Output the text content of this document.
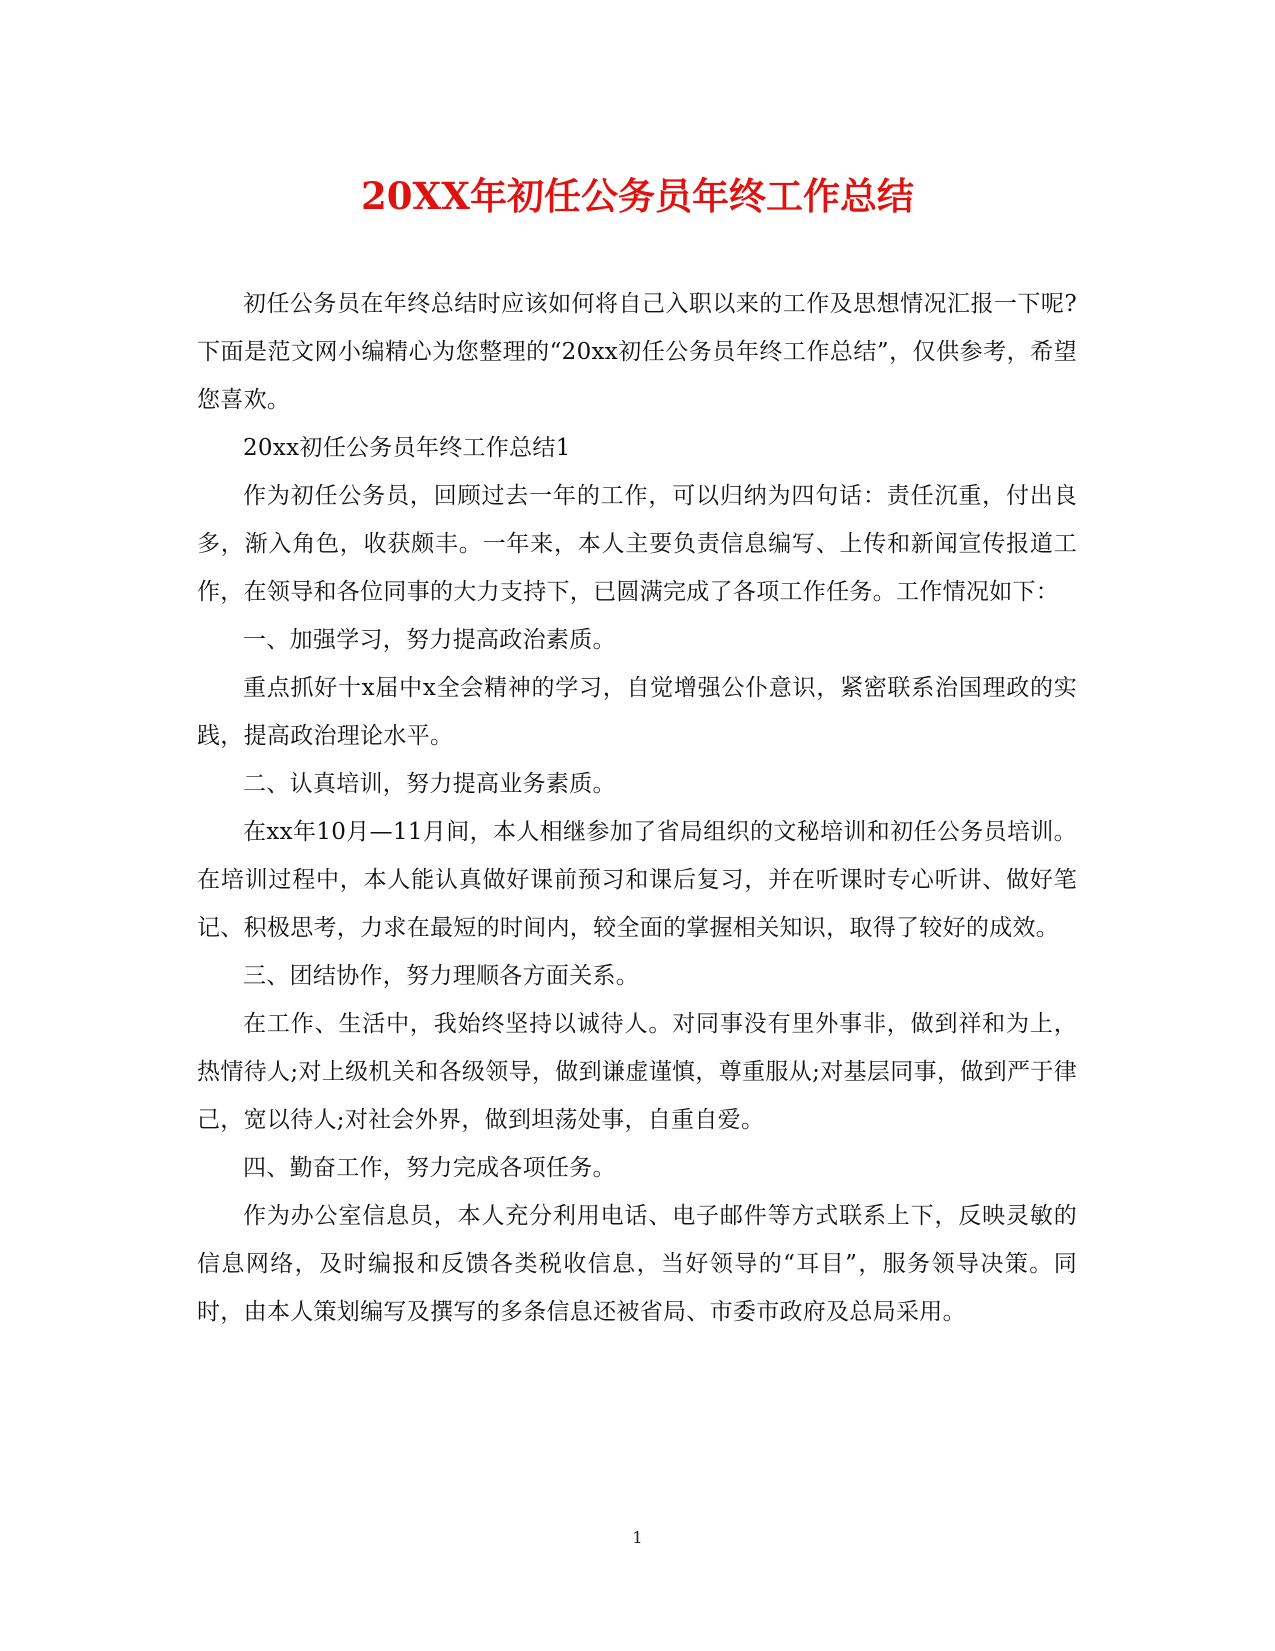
20XX年初任公务员年终工作总结

初任公务员在年终总结时应该如何将自己入职以来的工作及思想情况汇报一下呢?下面是范文网小编精心为您整理的“20xx初任公务员年终工作总结”，仅供参考，希望您喜欢。

20xx初任公务员年终工作总结1

作为初任公务员，回顾过去一年的工作，可以归纳为四句话：责任沉重，付出良多，渐入角色，收获颇丰。一年来，本人主要负责信息编写、上传和新闻宣传报道工作，在领导和各位同事的大力支持下，已圆满完成了各项工作任务。工作情况如下：

一、加强学习，努力提高政治素质。

重点抓好十x届中x全会精神的学习，自觉增强公仆意识，紧密联系治国理政的实践，提高政治理论水平。

二、认真培训，努力提高业务素质。

在xx年10月—11月间，本人相继参加了省局组织的文秘培训和初任公务员培训。在培训过程中，本人能认真做好课前预习和课后复习，并在听课时专心听讲、做好笔记、积极思考，力求在最短的时间内，较全面的掌握相关知识，取得了较好的成效。

三、团结协作，努力理顺各方面关系。

在工作、生活中，我始终坚持以诚待人。对同事没有里外事非，做到祥和为上，热情待人;对上级机关和各级领导，做到谦虚谨慎，尊重服从;对基层同事，做到严于律己，宽以待人;对社会外界，做到坦荡处事，自重自爱。

四、勤奋工作，努力完成各项任务。

作为办公室信息员，本人充分利用电话、电子邮件等方式联系上下，反映灵敏的信息网络，及时编报和反馈各类税收信息，当好领导的“耳目”，服务领导决策。同时，由本人策划编写及撰写的多条信息还被省局、市委市政府及总局采用。

1
